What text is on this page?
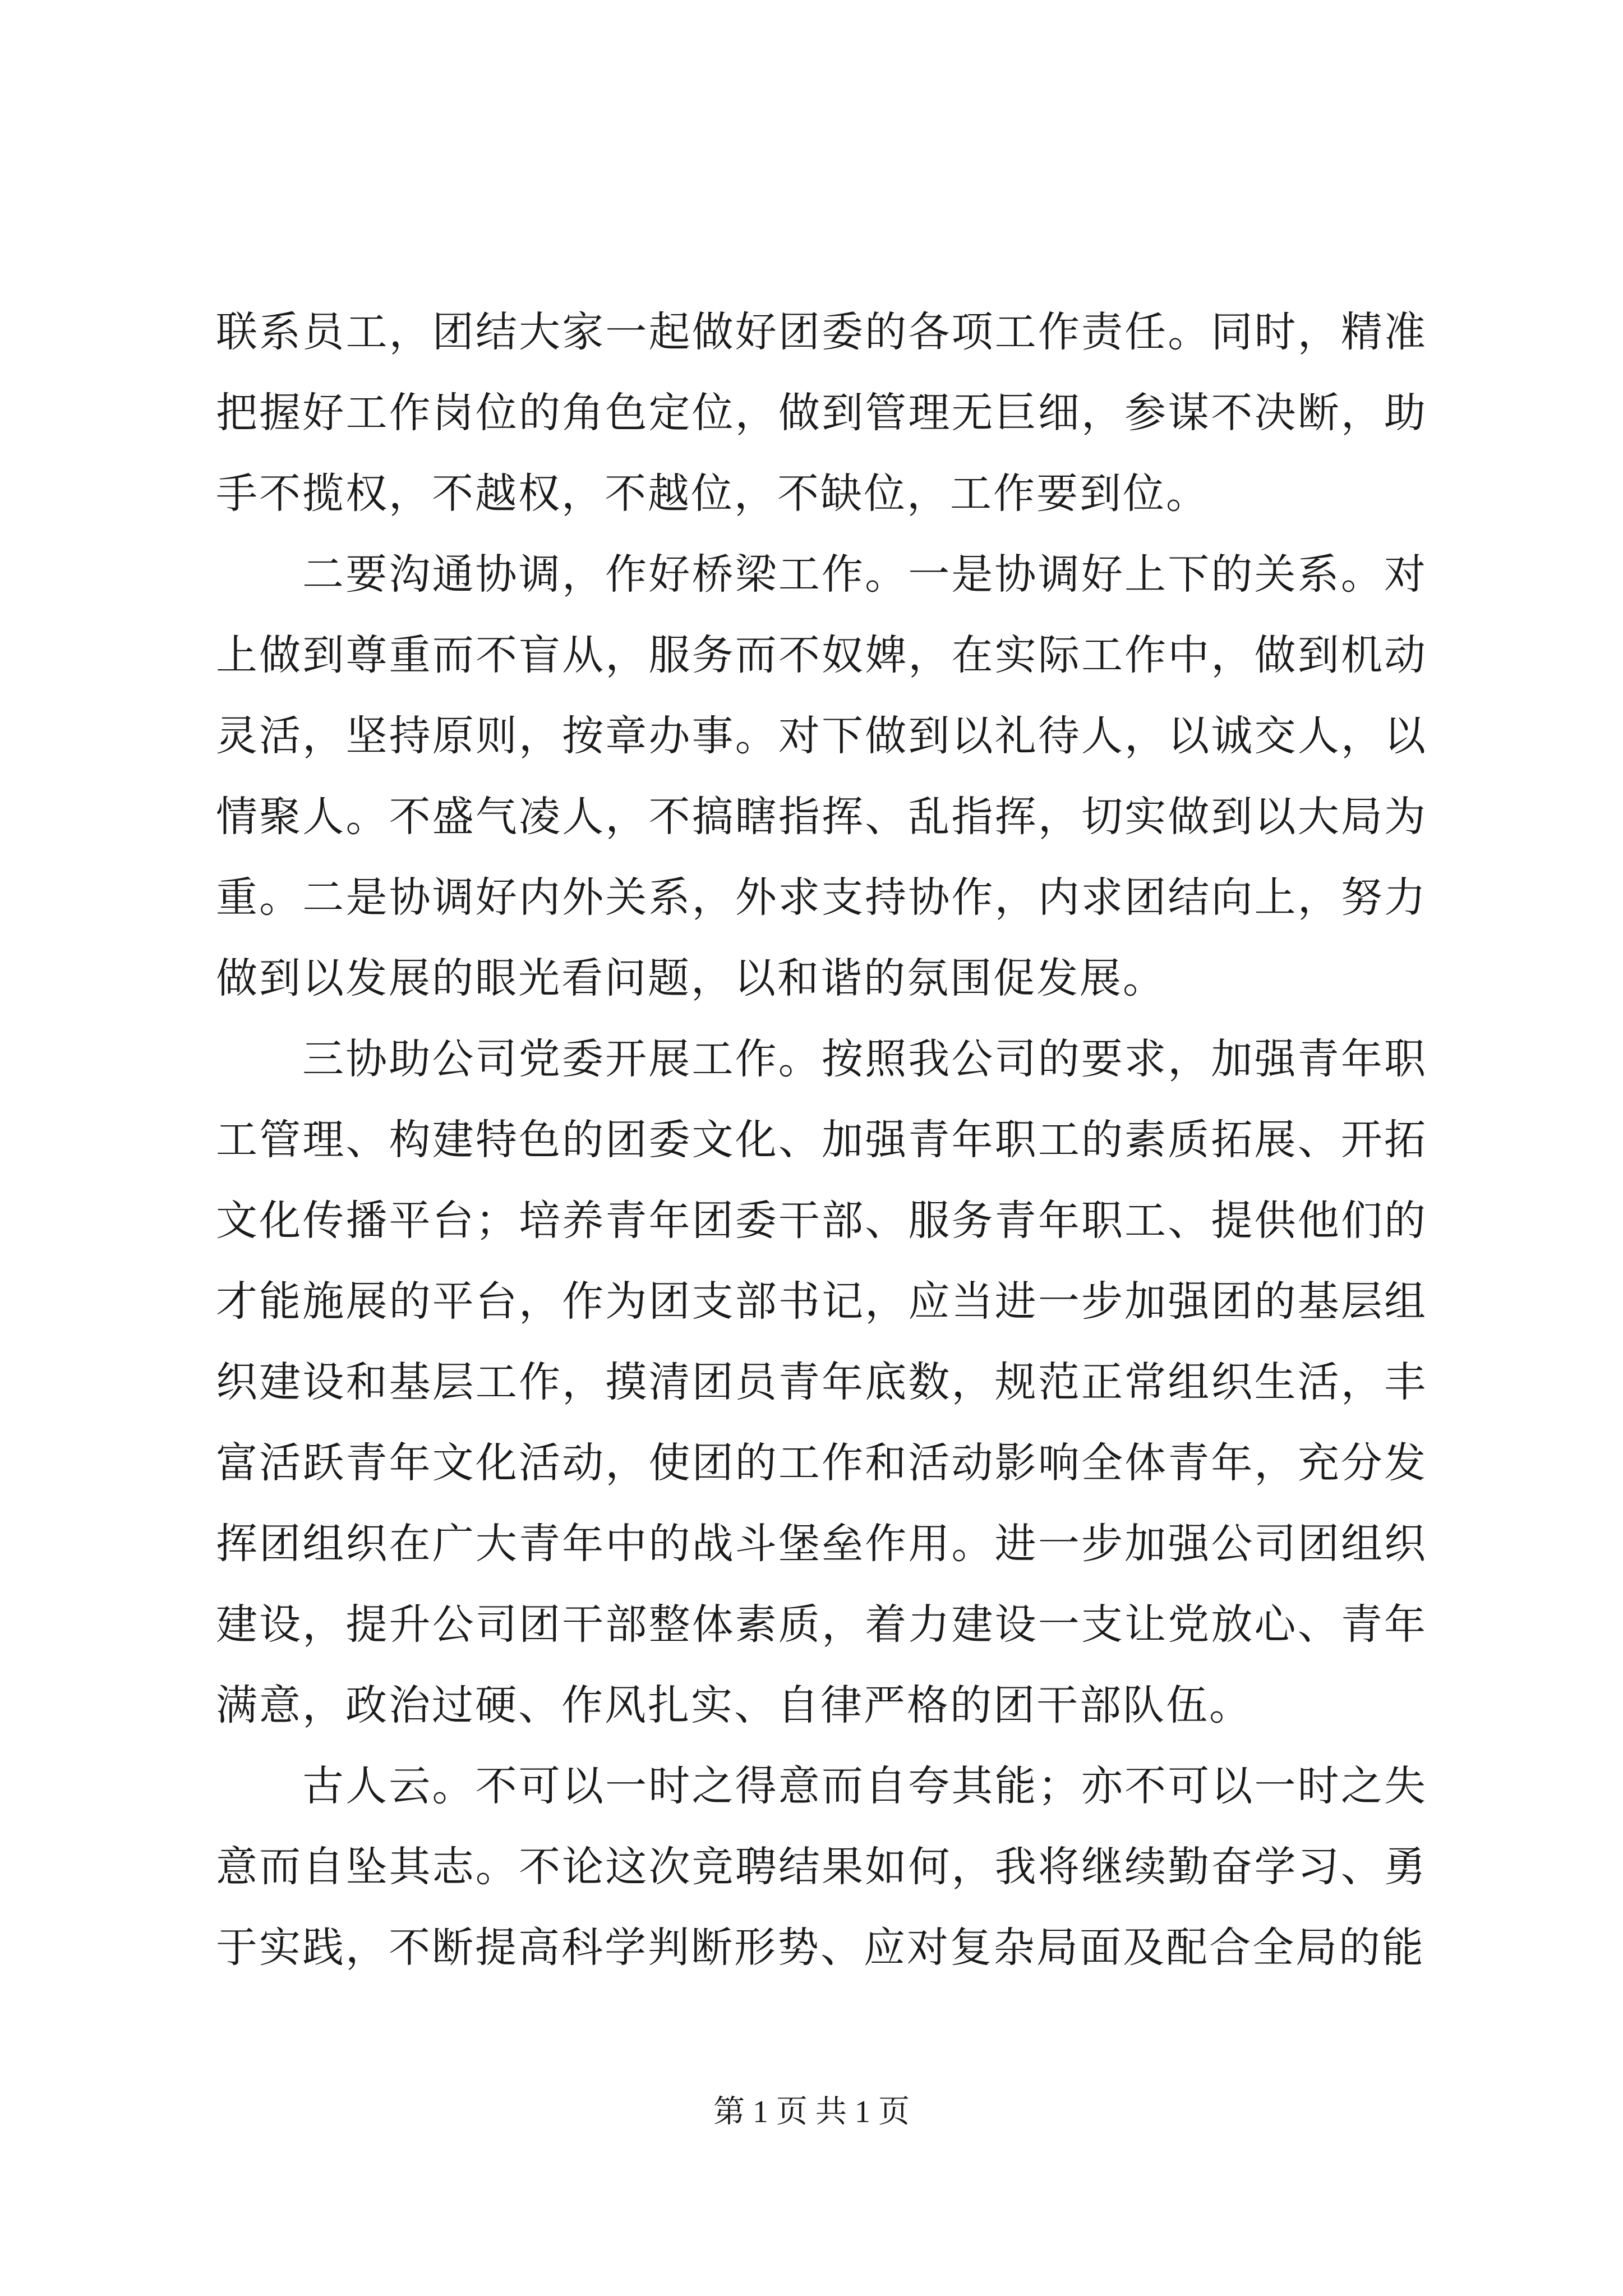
联系员工，团结大家一起做好团委的各项工作责任。同时，精准把握好工作岗位的角色定位，做到管理无巨细，参谋不决断，助手不揽权，不越权，不越位，不缺位，工作要到位。

二要沟通协调，作好桥梁工作。一是协调好上下的关系。对上做到尊重而不盲从，服务而不奴婢，在实际工作中，做到机动灵活，坚持原则，按章办事。对下做到以礼待人，以诚交人，以情聚人。不盛气凌人，不搞瞎指挥、乱指挥，切实做到以大局为重。二是协调好内外关系，外求支持协作，内求团结向上，努力做到以发展的眼光看问题，以和谐的氛围促发展。

三协助公司党委开展工作。按照我公司的要求，加强青年职工管理、构建特色的团委文化、加强青年职工的素质拓展、开拓文化传播平台；培养青年团委干部、服务青年职工、提供他们的才能施展的平台，作为团支部书记，应当进一步加强团的基层组织建设和基层工作，摸清团员青年底数，规范正常组织生活，丰富活跃青年文化活动，使团的工作和活动影响全体青年，充分发挥团组织在广大青年中的战斗堡垒作用。进一步加强公司团组织建设，提升公司团干部整体素质，着力建设一支让党放心、青年满意，政治过硬、作风扎实、自律严格的团干部队伍。

古人云。不可以一时之得意而自夸其能；亦不可以一时之失意而自坠其志。不论这次竞聘结果如何，我将继续勤奋学习、勇于实践，不断提高科学判断形势、应对复杂局面及配合全局的能

第 1 页 共 1 页
